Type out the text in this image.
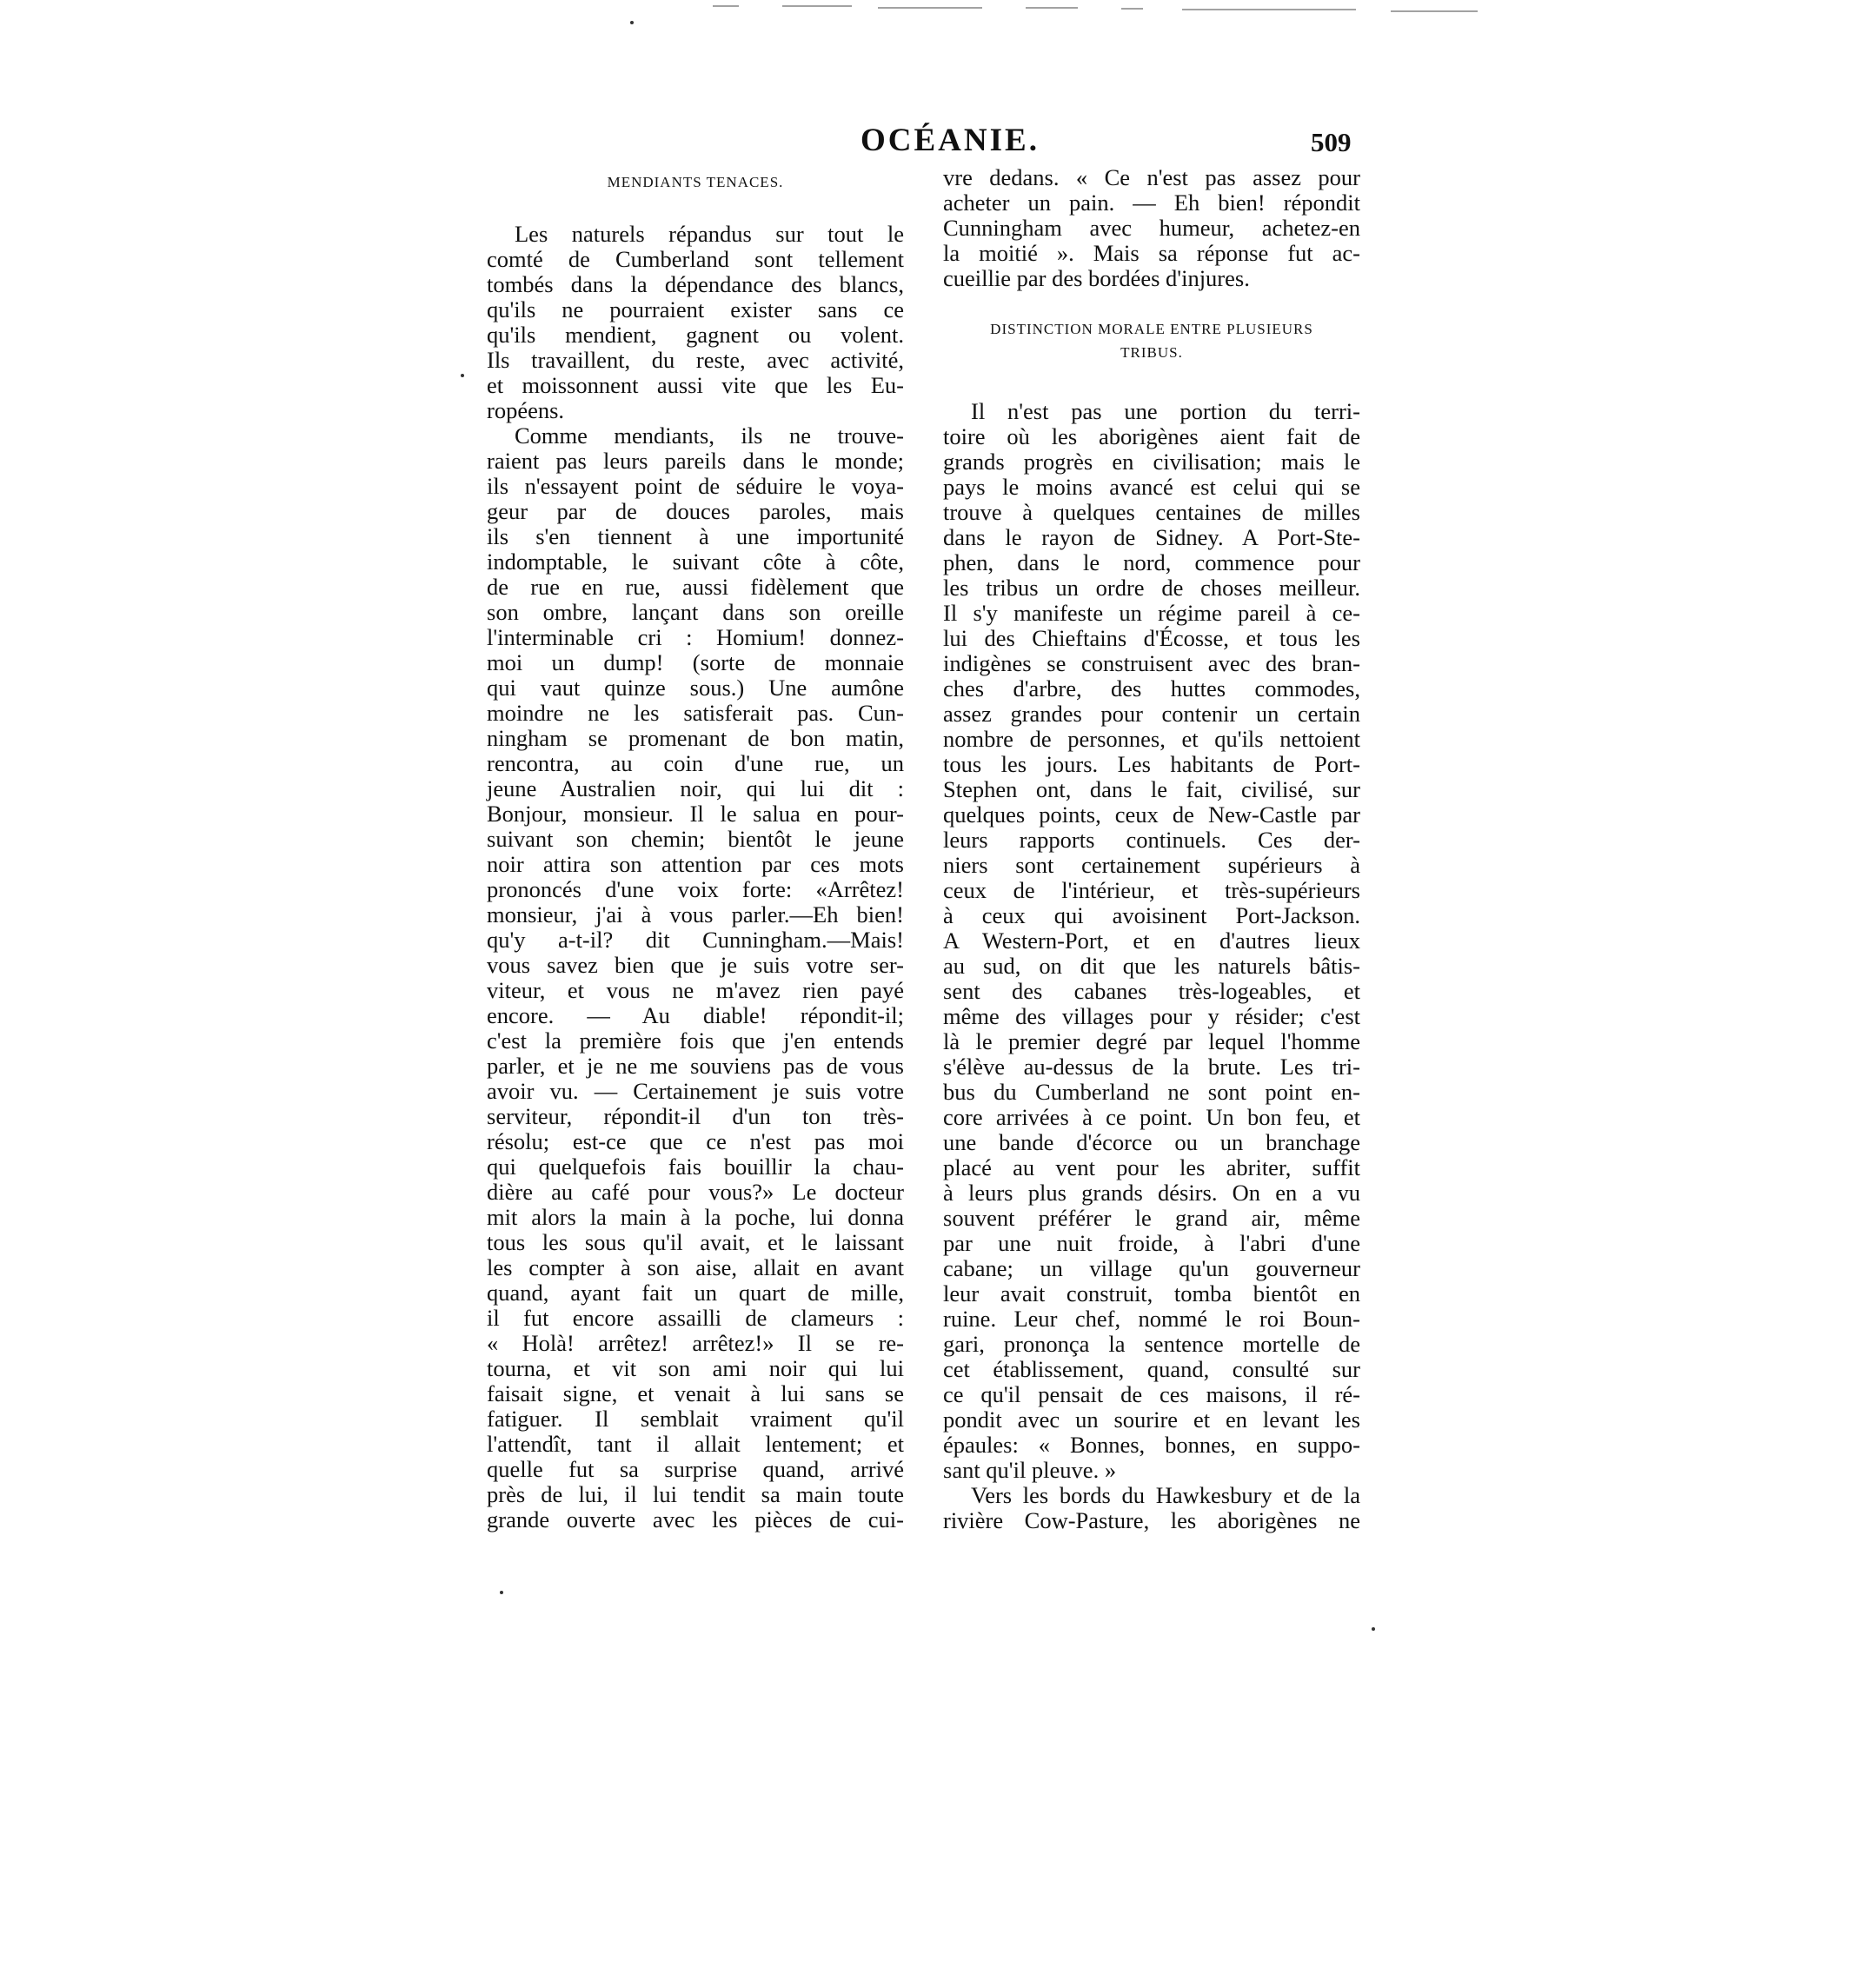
OCÉANIE.	509
MENDIANTS TENACES.
Les naturels répandus sur tout le
comté de Cumberland sont tellement
tombés dans la dépendance des blancs,
qu'ils ne pourraient exister sans ce
qu'ils mendient, gagnent ou volent.
Ils travaillent, du reste, avec activité,
et moissonnent aussi vite que les Eu-
ropéens.
Comme mendiants, ils ne trouve-
raient pas leurs pareils dans le monde;
ils n'essayent point de séduire le voya-
geur par de douces paroles, mais
ils s'en tiennent à une importunité
indomptable, le suivant côte à côte,
de rue en rue, aussi fidèlement que
son ombre, lançant dans son oreille
l'interminable cri : Homium! donnez-
moi un dump! (sorte de monnaie
qui vaut quinze sous.) Une aumône
moindre ne les satisferait pas. Cun-
ningham se promenant de bon matin,
rencontra, au coin d'une rue, un
jeune Australien noir, qui lui dit :
Bonjour, monsieur. Il le salua en pour-
suivant son chemin; bientôt le jeune
noir attira son attention par ces mots
prononcés d'une voix forte: «Arrêtez!
monsieur, j'ai à vous parler.—Eh bien!
qu'y a-t-il? dit Cunningham.—Mais!
vous savez bien que je suis votre ser-
viteur, et vous ne m'avez rien payé
encore. — Au diable! répondit-il;
c'est la première fois que j'en entends
parler, et je ne me souviens pas de vous
avoir vu. — Certainement je suis votre
serviteur, répondit-il d'un ton très-
résolu; est-ce que ce n'est pas moi
qui quelquefois fais bouillir la chau-
dière au café pour vous?» Le docteur
mit alors la main à la poche, lui donna
tous les sous qu'il avait, et le laissant
les compter à son aise, allait en avant
quand, ayant fait un quart de mille,
il fut encore assailli de clameurs :
« Holà! arrêtez! arrêtez!» Il se re-
tourna, et vit son ami noir qui lui
faisait signe, et venait à lui sans se
fatiguer. Il semblait vraiment qu'il
l'attendît, tant il allait lentement; et
quelle fut sa surprise quand, arrivé
près de lui, il lui tendit sa main toute
grande ouverte avec les pièces de cui-
vre dedans. « Ce n'est pas assez pour
acheter un pain. — Eh bien! répondit
Cunningham avec humeur, achetez-en
la moitié ». Mais sa réponse fut ac-
cueillie par des bordées d'injures.
DISTINCTION MORALE ENTRE PLUSIEURS
TRIBUS.
Il n'est pas une portion du terri-
toire où les aborigènes aient fait de
grands progrès en civilisation; mais le
pays le moins avancé est celui qui se
trouve à quelques centaines de milles
dans le rayon de Sidney. A Port-Ste-
phen, dans le nord, commence pour
les tribus un ordre de choses meilleur.
Il s'y manifeste un régime pareil à ce-
lui des Chieftains d'Écosse, et tous les
indigènes se construisent avec des bran-
ches d'arbre, des huttes commodes,
assez grandes pour contenir un certain
nombre de personnes, et qu'ils nettoient
tous les jours. Les habitants de Port-
Stephen ont, dans le fait, civilisé, sur
quelques points, ceux de New-Castle par
leurs rapports continuels. Ces der-
niers sont certainement supérieurs à
ceux de l'intérieur, et très-supérieurs
à ceux qui avoisinent Port-Jackson.
A Western-Port, et en d'autres lieux
au sud, on dit que les naturels bâtis-
sent des cabanes très-logeables, et
même des villages pour y résider; c'est
là le premier degré par lequel l'homme
s'élève au-dessus de la brute. Les tri-
bus du Cumberland ne sont point en-
core arrivées à ce point. Un bon feu, et
une bande d'écorce ou un branchage
placé au vent pour les abriter, suffit
à leurs plus grands désirs. On en a vu
souvent préférer le grand air, même
par une nuit froide, à l'abri d'une
cabane; un village qu'un gouverneur
leur avait construit, tomba bientôt en
ruine. Leur chef, nommé le roi Boun-
gari, prononça la sentence mortelle de
cet établissement, quand, consulté sur
ce qu'il pensait de ces maisons, il ré-
pondit avec un sourire et en levant les
épaules: « Bonnes, bonnes, en suppo-
sant qu'il pleuve. »
Vers les bords du Hawkesbury et de la
rivière Cow-Pasture, les aborigènes ne
